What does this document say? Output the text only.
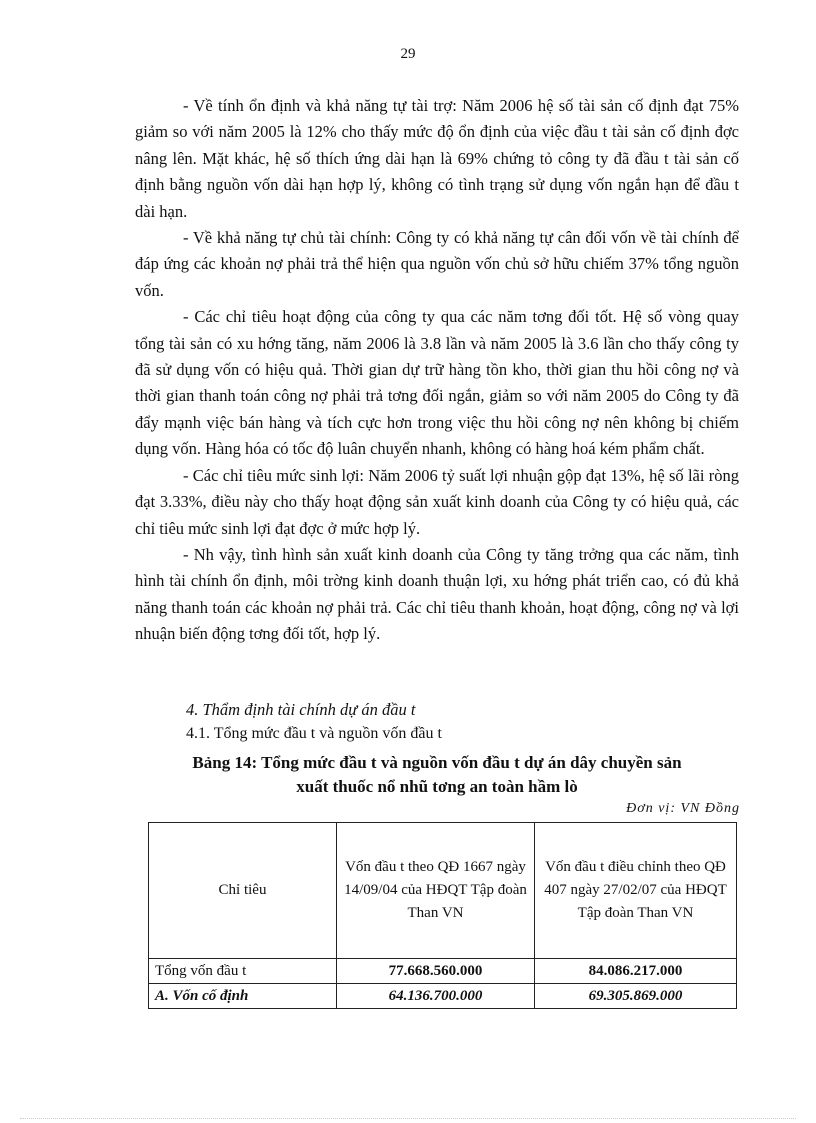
29

- Về tính ổn định và khả năng tự tài trợ: Năm 2006 hệ số tài sản cố định đạt 75% giảm so với năm 2005 là 12% cho thấy mức độ ổn định của việc đầu t tài sản cố định đợc nâng lên. Mặt khác, hệ số thích ứng dài hạn là 69% chứng tỏ công ty đã đầu t tài sản cố định bằng nguồn vốn dài hạn hợp lý, không có tình trạng sử dụng vốn ngắn hạn để đầu t dài hạn.

- Về khả năng tự chủ tài chính: Công ty có khả năng tự cân đối vốn về tài chính để đáp ứng các khoản nợ phải trả thể hiện qua nguồn vốn chủ sở hữu chiếm 37% tổng nguồn vốn.

- Các chỉ tiêu hoạt động của công ty qua các năm tơng đối tốt. Hệ số vòng quay tổng tài sản có xu hớng tăng, năm 2006 là 3.8 lần và năm 2005 là 3.6 lần cho thấy công ty đã sử dụng vốn có hiệu quả. Thời gian dự trữ hàng tồn kho, thời gian thu hồi công nợ và thời gian thanh toán công nợ phải trả tơng đối ngắn, giảm so với năm 2005 do Công ty đã đẩy mạnh việc bán hàng và tích cực hơn trong việc thu hồi công nợ nên không bị chiếm dụng vốn. Hàng hóa có tốc độ luân chuyển nhanh, không có hàng hoá kém phẩm chất.

- Các chỉ tiêu mức sinh lợi: Năm 2006 tỷ suất lợi nhuận gộp đạt 13%, hệ số lãi ròng đạt 3.33%, điều này cho thấy hoạt động sản xuất kinh doanh của Công ty có hiệu quả, các chỉ tiêu mức sinh lợi đạt đợc ở mức hợp lý.

- Nh vậy, tình hình sản xuất kinh doanh của Công ty tăng trởng qua các năm, tình hình tài chính ổn định, môi trờng kinh doanh thuận lợi, xu hớng phát triển cao, có đủ khả năng thanh toán các khoản nợ phải trả. Các chỉ tiêu thanh khoản, hoạt động, công nợ và lợi nhuận biến động tơng đối tốt, hợp lý.

4. Thẩm định tài chính dự án đầu t
4.1. Tổng mức đầu t và nguồn vốn đầu t
Bảng 14: Tổng mức đầu t và nguồn vốn đầu t dự án dây chuyền sản
xuất thuốc nổ nhũ tơng an toàn hầm lò
Đơn vị: VN Đồng
Chỉ tiêu	Vốn đầu t theo QĐ 1667 ngày 14/09/04 của HĐQT Tập đoàn Than VN	Vốn đầu t điều chỉnh theo QĐ 407 ngày 27/02/07 của HĐQT Tập đoàn Than VN
Tổng vốn đầu t	77.668.560.000	84.086.217.000
A. Vốn cố định	64.136.700.000	69.305.869.000
